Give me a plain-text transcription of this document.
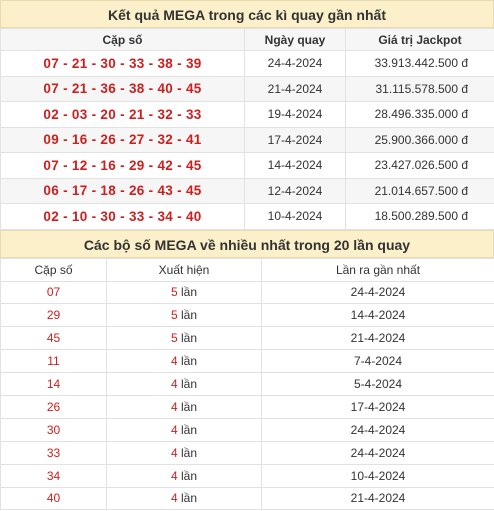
Kết quả MEGA trong các kì quay gần nhất
Cặp số	Ngày quay	Giá trị Jackpot
07 - 21 - 30 - 33 - 38 - 39	24-4-2024	33.913.442.500 đ
07 - 21 - 36 - 38 - 40 - 45	21-4-2024	31.115.578.500 đ
02 - 03 - 20 - 21 - 32 - 33	19-4-2024	28.496.335.000 đ
09 - 16 - 26 - 27 - 32 - 41	17-4-2024	25.900.366.000 đ
07 - 12 - 16 - 29 - 42 - 45	14-4-2024	23.427.026.500 đ
06 - 17 - 18 - 26 - 43 - 45	12-4-2024	21.014.657.500 đ
02 - 10 - 30 - 33 - 34 - 40	10-4-2024	18.500.289.500 đ
Các bộ số MEGA về nhiều nhất trong 20 lần quay
Cặp số	Xuất hiện	Lần ra gần nhất
07	5 lần	24-4-2024
29	5 lần	14-4-2024
45	5 lần	21-4-2024
11	4 lần	7-4-2024
14	4 lần	5-4-2024
26	4 lần	17-4-2024
30	4 lần	24-4-2024
33	4 lần	24-4-2024
34	4 lần	10-4-2024
40	4 lần	21-4-2024
